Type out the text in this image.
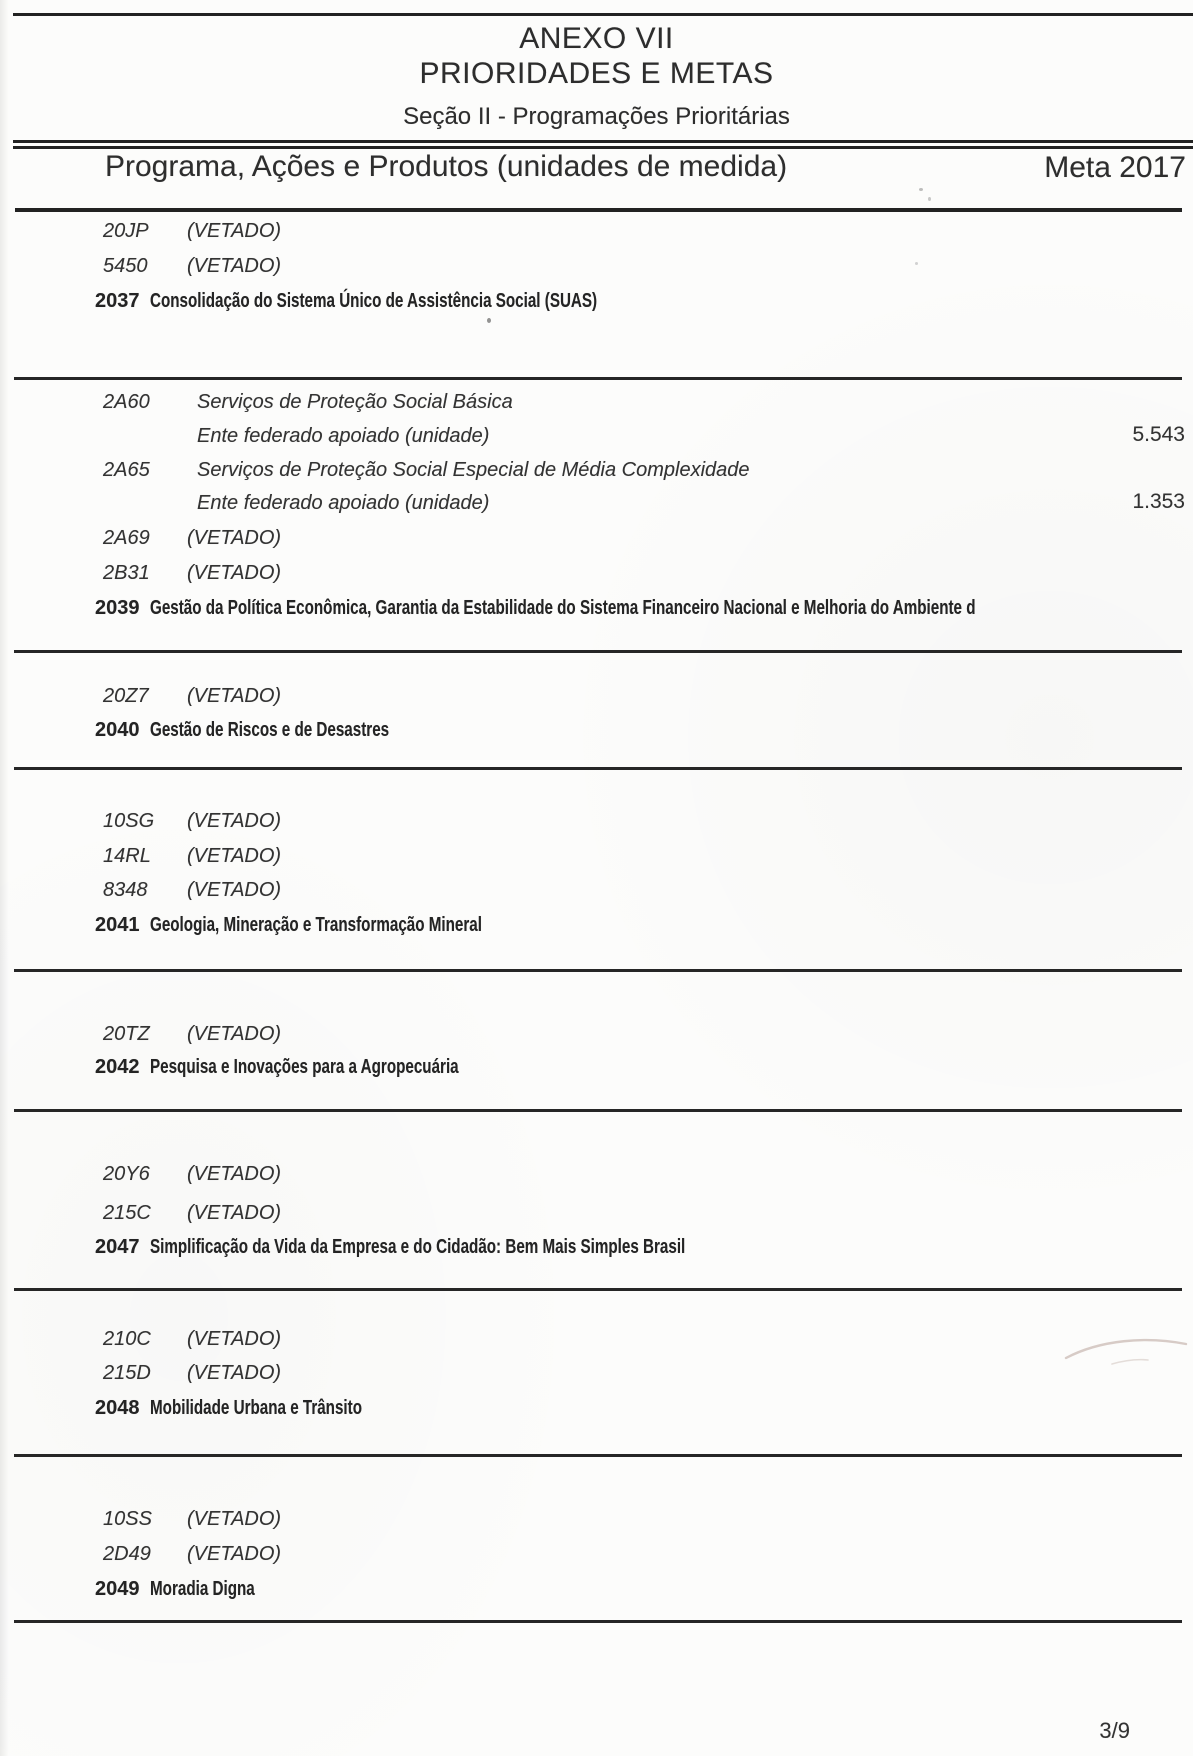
ANEXO VII
PRIORIDADES E METAS
Seção II - Programações Prioritárias
Programa, Ações e Produtos (unidades de medida)	Meta 2017
20JP (VETADO)
5450 (VETADO)
2037 Consolidação do Sistema Único de Assistência Social (SUAS)
2A60 Serviços de Proteção Social Básica
Ente federado apoiado (unidade)	5.543
2A65 Serviços de Proteção Social Especial de Média Complexidade
Ente federado apoiado (unidade)	1.353
2A69 (VETADO)
2B31 (VETADO)
2039 Gestão da Política Econômica, Garantia da Estabilidade do Sistema Financeiro Nacional e Melhoria do Ambiente d
20Z7 (VETADO)
2040 Gestão de Riscos e de Desastres
10SG (VETADO)
14RL (VETADO)
8348 (VETADO)
2041 Geologia, Mineração e Transformação Mineral
20TZ (VETADO)
2042 Pesquisa e Inovações para a Agropecuária
20Y6 (VETADO)
215C (VETADO)
2047 Simplificação da Vida da Empresa e do Cidadão: Bem Mais Simples Brasil
210C (VETADO)
215D (VETADO)
2048 Mobilidade Urbana e Trânsito
10SS (VETADO)
2D49 (VETADO)
2049 Moradia Digna
3/9
